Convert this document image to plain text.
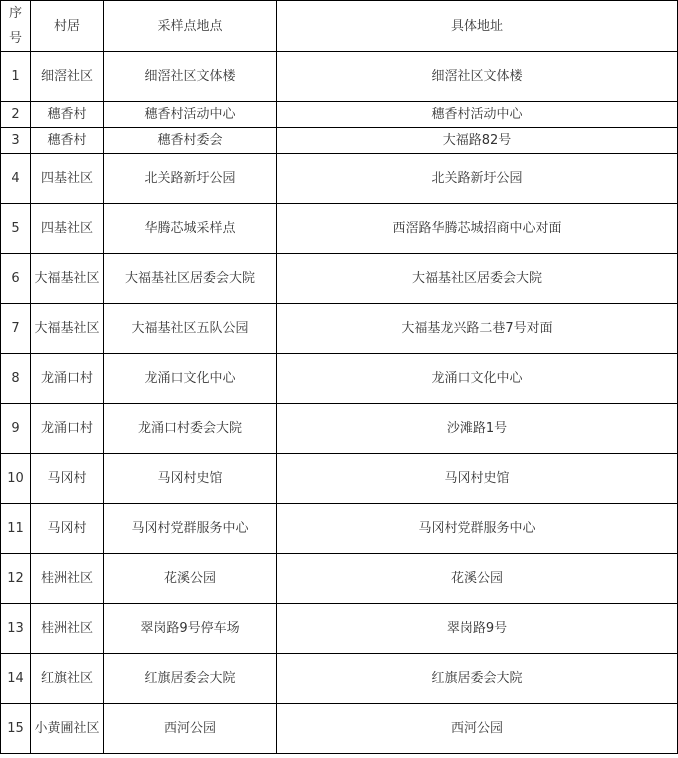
序号	村居	采样点地点	具体地址
1	细滘社区	细滘社区文体楼	细滘社区文体楼
2	穗香村	穗香村活动中心	穗香村活动中心
3	穗香村	穗香村委会	大福路82号
4	四基社区	北关路新圩公园	北关路新圩公园
5	四基社区	华腾芯城采样点	西滘路华腾芯城招商中心对面
6	大福基社区	大福基社区居委会大院	大福基社区居委会大院
7	大福基社区	大福基社区五队公园	大福基龙兴路二巷7号对面
8	龙涌口村	龙涌口文化中心	龙涌口文化中心
9	龙涌口村	龙涌口村委会大院	沙滩路1号
10	马冈村	马冈村史馆	马冈村史馆
11	马冈村	马冈村党群服务中心	马冈村党群服务中心
12	桂洲社区	花溪公园	花溪公园
13	桂洲社区	翠岗路9号停车场	翠岗路9号
14	红旗社区	红旗居委会大院	红旗居委会大院
15	小黄圃社区	西河公园	西河公园
